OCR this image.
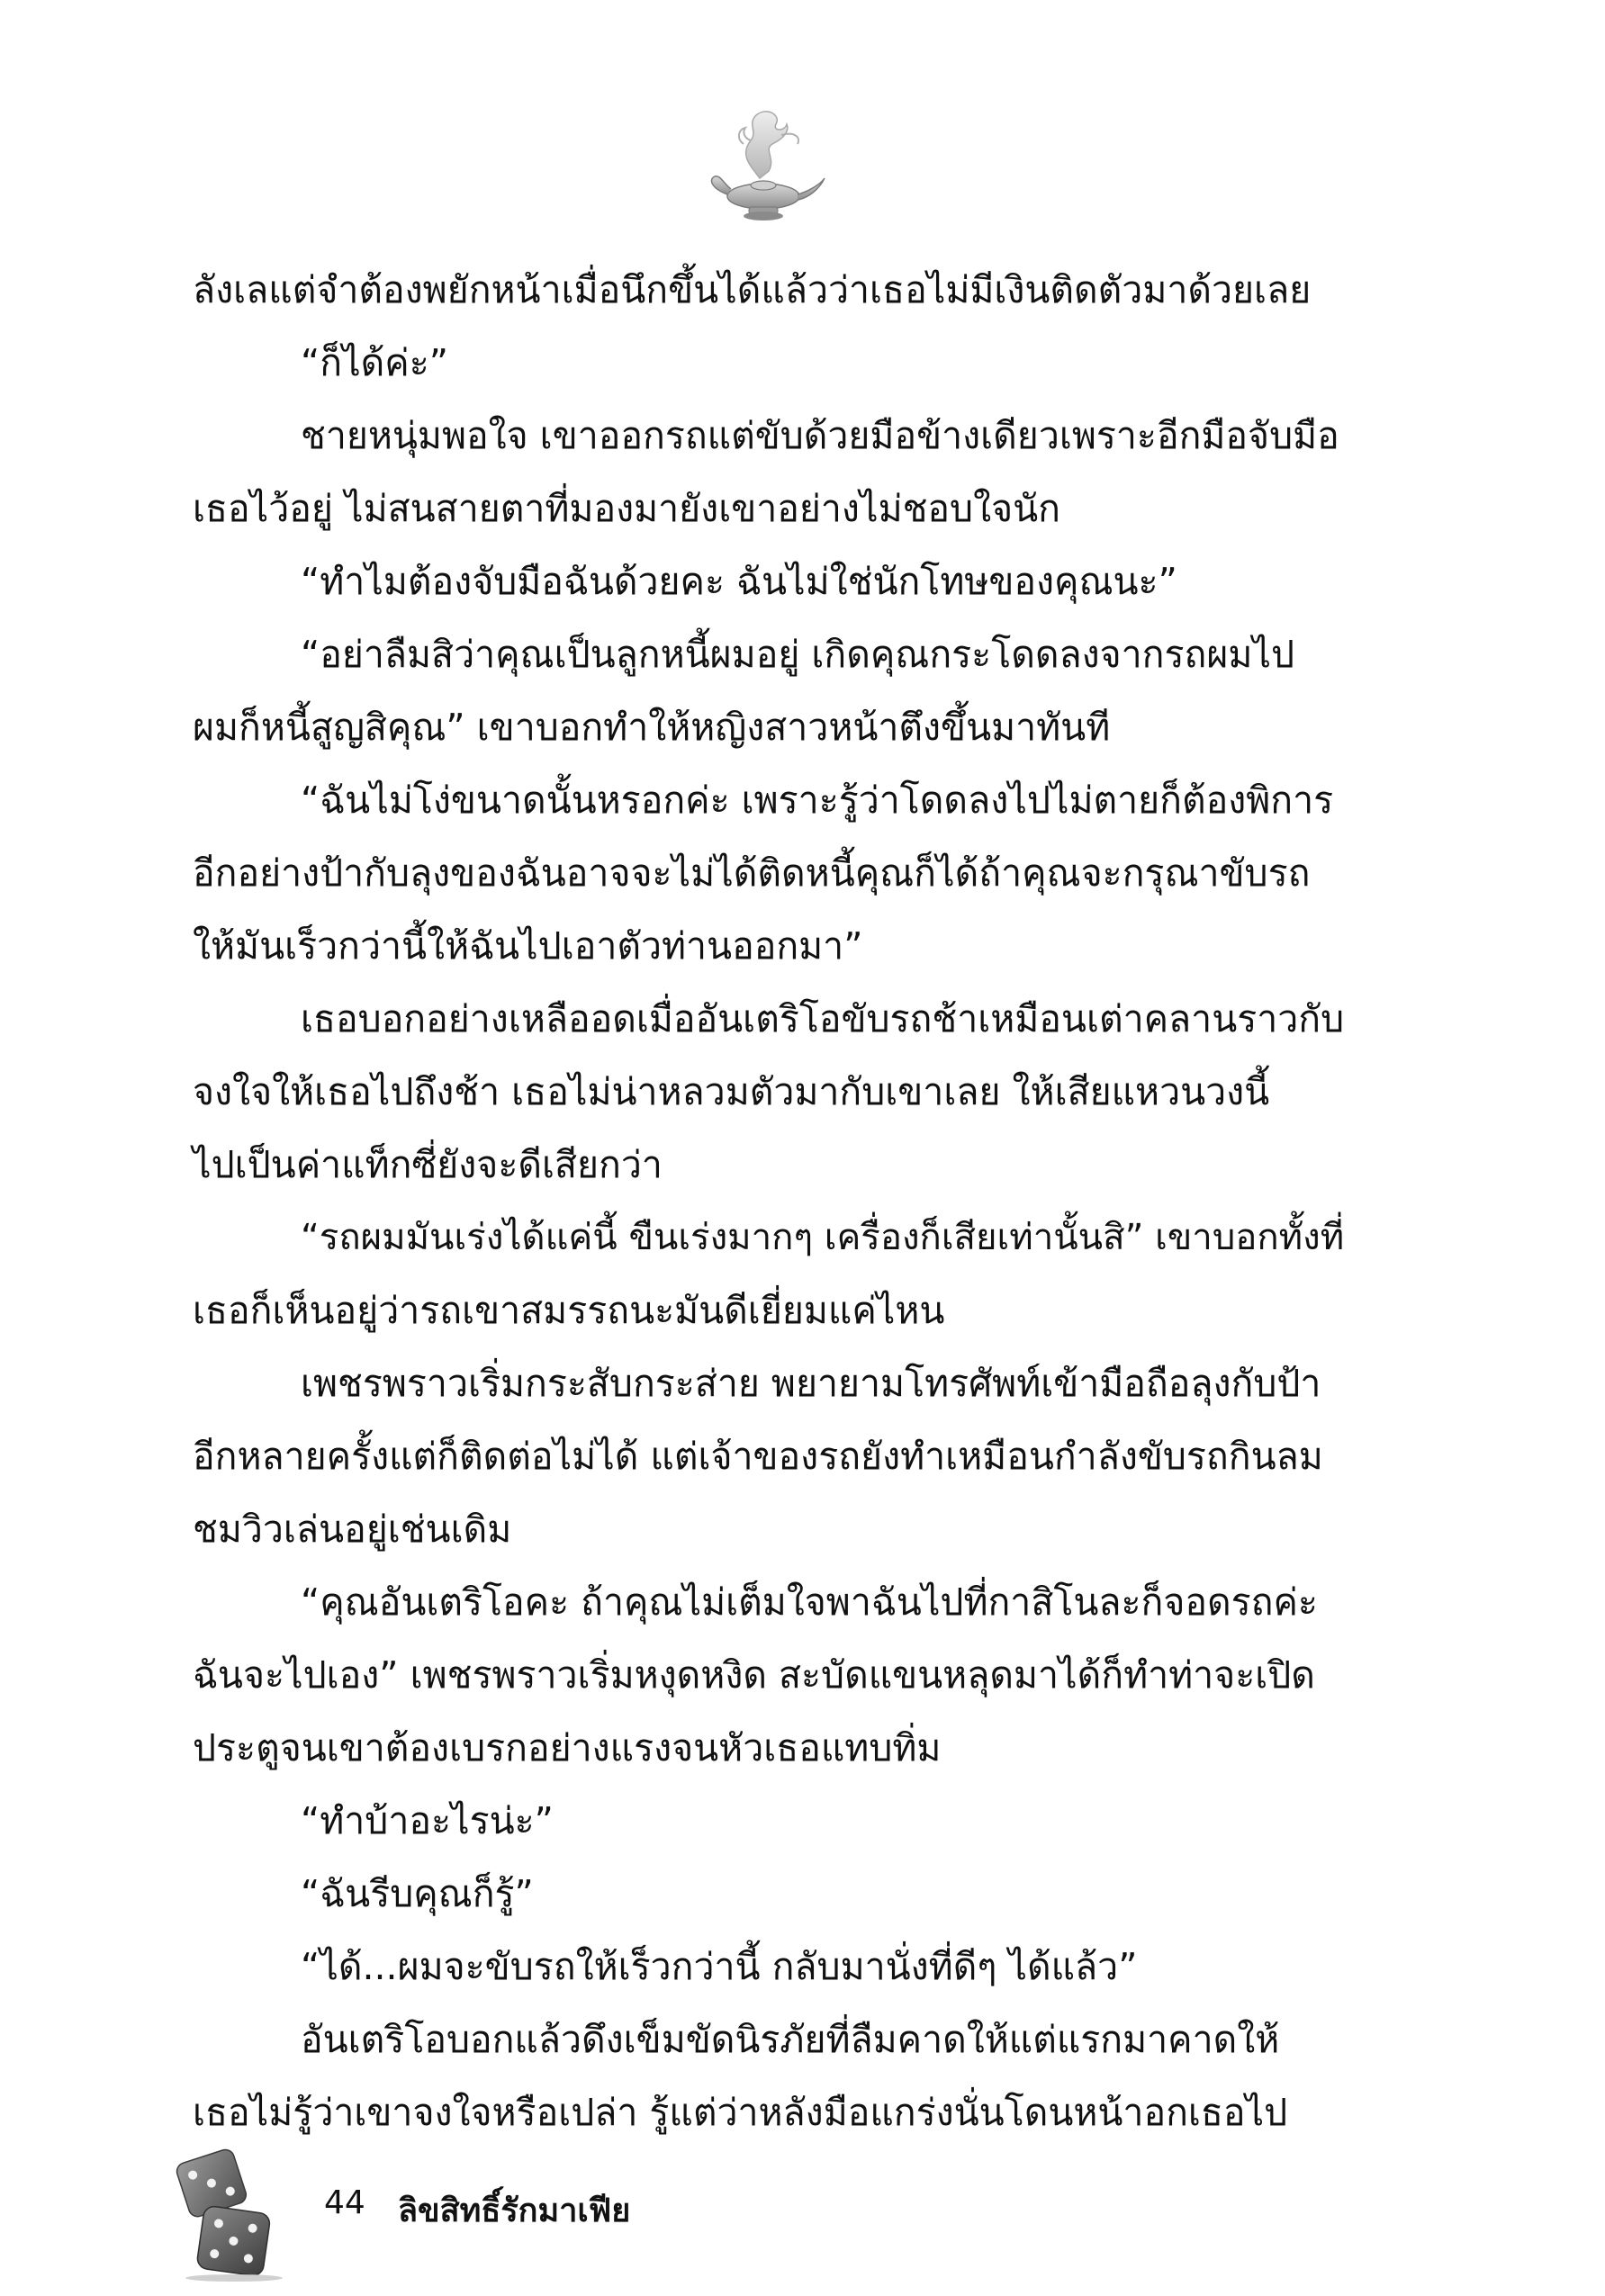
ลังเลแต่จำต้องพยักหน้าเมื่อนึกขึ้นได้แล้วว่าเธอไม่มีเงินติดตัวมาด้วยเลย

“ก็ได้ค่ะ”

ชายหนุ่มพอใจ เขาออกรถแต่ขับด้วยมือข้างเดียวเพราะอีกมือจับมือ

เธอไว้อยู่ ไม่สนสายตาที่มองมายังเขาอย่างไม่ชอบใจนัก

“ทำไมต้องจับมือฉันด้วยคะ ฉันไม่ใช่นักโทษของคุณนะ”

“อย่าลืมสิว่าคุณเป็นลูกหนี้ผมอยู่ เกิดคุณกระโดดลงจากรถผมไป

ผมก็หนี้สูญสิคุณ” เขาบอกทำให้หญิงสาวหน้าตึงขึ้นมาทันที

“ฉันไม่โง่ขนาดนั้นหรอกค่ะ เพราะรู้ว่าโดดลงไปไม่ตายก็ต้องพิการ

อีกอย่างป้ากับลุงของฉันอาจจะไม่ได้ติดหนี้คุณก็ได้ถ้าคุณจะกรุณาขับรถ

ให้มันเร็วกว่านี้ให้ฉันไปเอาตัวท่านออกมา”

เธอบอกอย่างเหลืออดเมื่ออันเตริโอขับรถช้าเหมือนเต่าคลานราวกับ

จงใจให้เธอไปถึงช้า เธอไม่น่าหลวมตัวมากับเขาเลย ให้เสียแหวนวงนี้

ไปเป็นค่าแท็กซี่ยังจะดีเสียกว่า

“รถผมมันเร่งได้แค่นี้ ขืนเร่งมากๆ เครื่องก็เสียเท่านั้นสิ” เขาบอกทั้งที่

เธอก็เห็นอยู่ว่ารถเขาสมรรถนะมันดีเยี่ยมแค่ไหน

เพชรพราวเริ่มกระสับกระส่าย พยายามโทรศัพท์เข้ามือถือลุงกับป้า

อีกหลายครั้งแต่ก็ติดต่อไม่ได้ แต่เจ้าของรถยังทำเหมือนกำลังขับรถกินลม

ชมวิวเล่นอยู่เช่นเดิม

“คุณอันเตริโอคะ ถ้าคุณไม่เต็มใจพาฉันไปที่กาสิโนละก็จอดรถค่ะ

ฉันจะไปเอง” เพชรพราวเริ่มหงุดหงิด สะบัดแขนหลุดมาได้ก็ทำท่าจะเปิด

ประตูจนเขาต้องเบรกอย่างแรงจนหัวเธอแทบทิ่ม

“ทำบ้าอะไรน่ะ”

“ฉันรีบคุณก็รู้”

“ได้...ผมจะขับรถให้เร็วกว่านี้ กลับมานั่งที่ดีๆ ได้แล้ว”

อันเตริโอบอกแล้วดึงเข็มขัดนิรภัยที่ลืมคาดให้แต่แรกมาคาดให้

เธอไม่รู้ว่าเขาจงใจหรือเปล่า รู้แต่ว่าหลังมือแกร่งนั่นโดนหน้าอกเธอไป

44 ลิขสิทธิ์รักมาเฟีย
